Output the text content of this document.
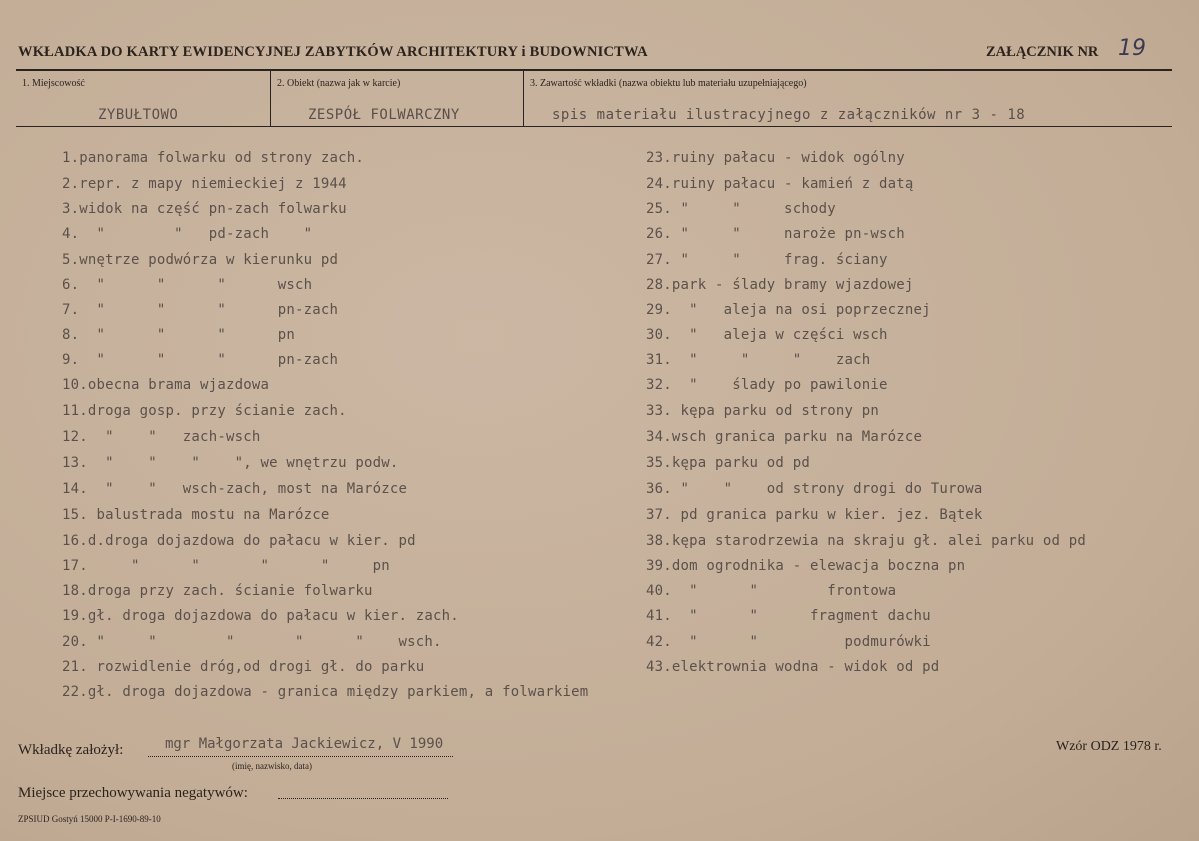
WKŁADKA DO KARTY EWIDENCYJNEJ ZABYTKÓW ARCHITEKTURY i BUDOWNICTWA	ZAŁĄCZNIK NR 19
1. Miejscowość
ZYBUŁTOWO
2. Obiekt (nazwa jak w karcie)
ZESPÓŁ FOLWARCZNY
3. Zawartość wkładki (nazwa obiektu lub materiału uzupełniającego)
spis materiału ilustracyjnego z załączników nr 3 - 18
1.panorama folwarku od strony zach.
2.repr. z mapy niemieckiej z 1944
3.widok na część pn-zach folwarku
4.  "        "   pd-zach    "
5.wnętrze podwórza w kierunku pd
6.  "      "      "      wsch
7.  "      "      "      pn-zach
8.  "      "      "      pn
9.  "      "      "      pn-zach
10.obecna brama wjazdowa
11.droga gosp. przy ścianie zach.
12.  "    "   zach-wsch
13.  "    "    "    ", we wnętrzu podw.
14.  "    "   wsch-zach, most na Marózce
15. balustrada mostu na Marózce
16.d.droga dojazdowa do pałacu w kier. pd
17.     "      "       "      "     pn
18.droga przy zach. ścianie folwarku
19.gł. droga dojazdowa do pałacu w kier. zach.
20. "     "        "       "      "    wsch.
21. rozwidlenie dróg,od drogi gł. do parku
22.gł. droga dojazdowa - granica między parkiem, a folwarkiem
23.ruiny pałacu - widok ogólny
24.ruiny pałacu - kamień z datą
25. "     "     schody
26. "     "     naroże pn-wsch
27. "     "     frag. ściany
28.park - ślady bramy wjazdowej
29.  "   aleja na osi poprzecznej
30.  "   aleja w części wsch
31.  "     "     "    zach
32.  "    ślady po pawilonie
33. kępa parku od strony pn
34.wsch granica parku na Marózce
35.kępa parku od pd
36. "    "    od strony drogi do Turowa
37. pd granica parku w kier. jez. Bątek
38.kępa starodrzewia na skraju gł. alei parku od pd
39.dom ogrodnika - elewacja boczna pn
40.  "      "        frontowa
41.  "      "      fragment dachu
42.  "      "          podmurówki
43.elektrownia wodna - widok od pd
Wkładkę założył:	mgr Małgorzata Jackiewicz, V 1990
(imię, nazwisko, data)
Wzór ODZ 1978 r.
Miejsce przechowywania negatywów:
ZPSIUD Gostyń 15000 P-I-1690-89-10
